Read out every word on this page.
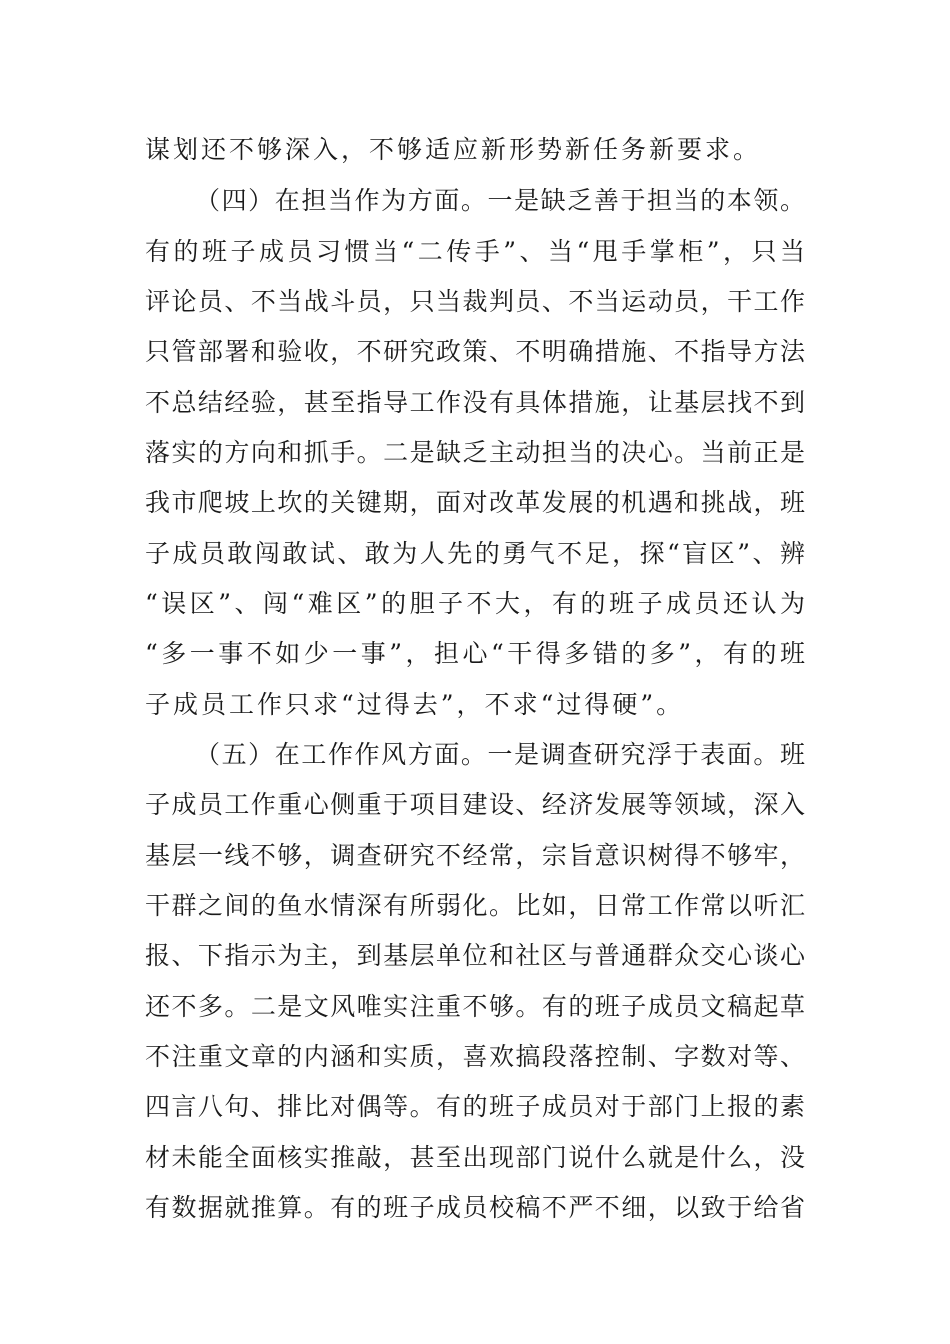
谋划还不够深入，不够适应新形势新任务新要求。
（四）在担当作为方面。一是缺乏善于担当的本领。
有的班子成员习惯当“二传手”、当“甩手掌柜”，只当
评论员、不当战斗员，只当裁判员、不当运动员，干工作
只管部署和验收，不研究政策、不明确措施、不指导方法
不总结经验，甚至指导工作没有具体措施，让基层找不到
落实的方向和抓手。二是缺乏主动担当的决心。当前正是
我市爬坡上坎的关键期，面对改革发展的机遇和挑战，班
子成员敢闯敢试、敢为人先的勇气不足，探“盲区”、辨
“误区”、闯“难区”的胆子不大，有的班子成员还认为
“多一事不如少一事”，担心“干得多错的多”，有的班
子成员工作只求“过得去”，不求“过得硬”。
（五）在工作作风方面。一是调查研究浮于表面。班
子成员工作重心侧重于项目建设、经济发展等领域，深入
基层一线不够，调查研究不经常，宗旨意识树得不够牢，
干群之间的鱼水情深有所弱化。比如，日常工作常以听汇
报、下指示为主，到基层单位和社区与普通群众交心谈心
还不多。二是文风唯实注重不够。有的班子成员文稿起草
不注重文章的内涵和实质，喜欢搞段落控制、字数对等、
四言八句、排比对偶等。有的班子成员对于部门上报的素
材未能全面核实推敲，甚至出现部门说什么就是什么，没
有数据就推算。有的班子成员校稿不严不细，以致于给省
